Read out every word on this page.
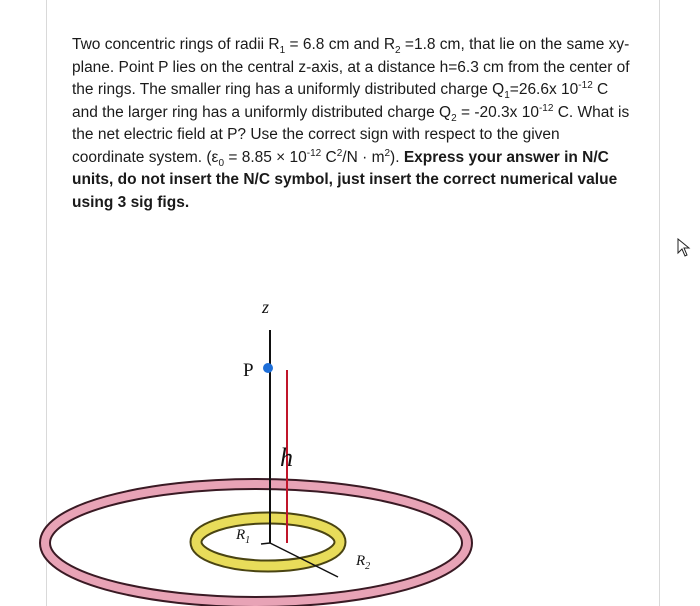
Two concentric rings of radii $R_1 = 6.8$ cm and $R_2 =1.8$ cm, that lie on the same xy-plane. Point P lies on the central z-axis, at a distance h=6.3 cm from the center of the rings. The smaller ring has a uniformly distributed charge $Q_1=26.6x$ $10^{-12}$ C and the larger ring has a uniformly distributed charge $Q_2 = -20.3x$ $10^{-12}$ C. What is the net electric field at P? Use the correct sign with respect to the given coordinate system. ($\varepsilon_0 = 8.85 \times 10^{-12}$ $C^2/N \cdot m^2$). Express your answer in N/C units, do not insert the N/C symbol, just insert the correct numerical value using 3 sig figs.

z
P
h
$R_1$
$R_2$
